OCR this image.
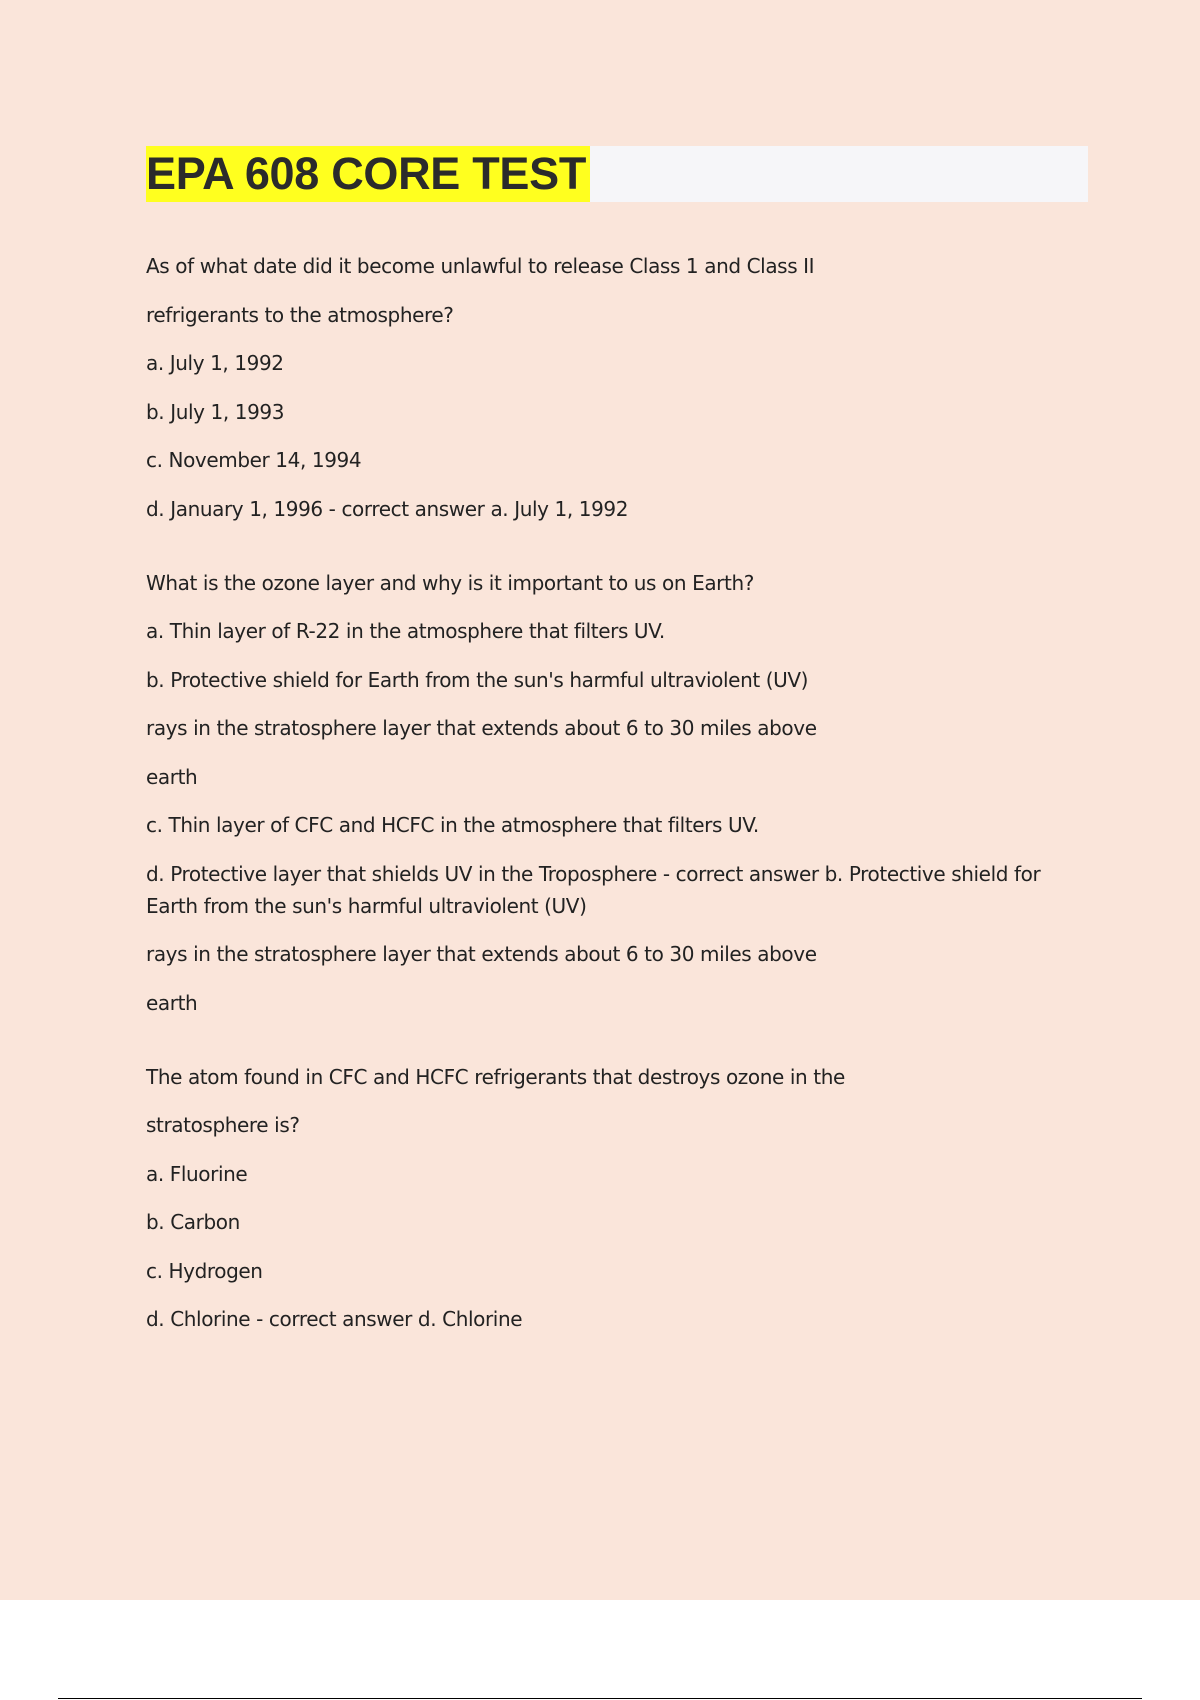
EPA 608 CORE TEST
As of what date did it become unlawful to release Class 1 and Class II
refrigerants to the atmosphere?
a. July 1, 1992
b. July 1, 1993
c. November 14, 1994
d. January 1, 1996 - correct answer a. July 1, 1992
What is the ozone layer and why is it important to us on Earth?
a. Thin layer of R-22 in the atmosphere that filters UV.
b. Protective shield for Earth from the sun's harmful ultraviolent (UV)
rays in the stratosphere layer that extends about 6 to 30 miles above
earth
c. Thin layer of CFC and HCFC in the atmosphere that filters UV.
d. Protective layer that shields UV in the Troposphere - correct answer b. Protective shield for Earth from the sun's harmful ultraviolent (UV)
rays in the stratosphere layer that extends about 6 to 30 miles above
earth
The atom found in CFC and HCFC refrigerants that destroys ozone in the
stratosphere is?
a. Fluorine
b. Carbon
c. Hydrogen
d. Chlorine - correct answer d. Chlorine
